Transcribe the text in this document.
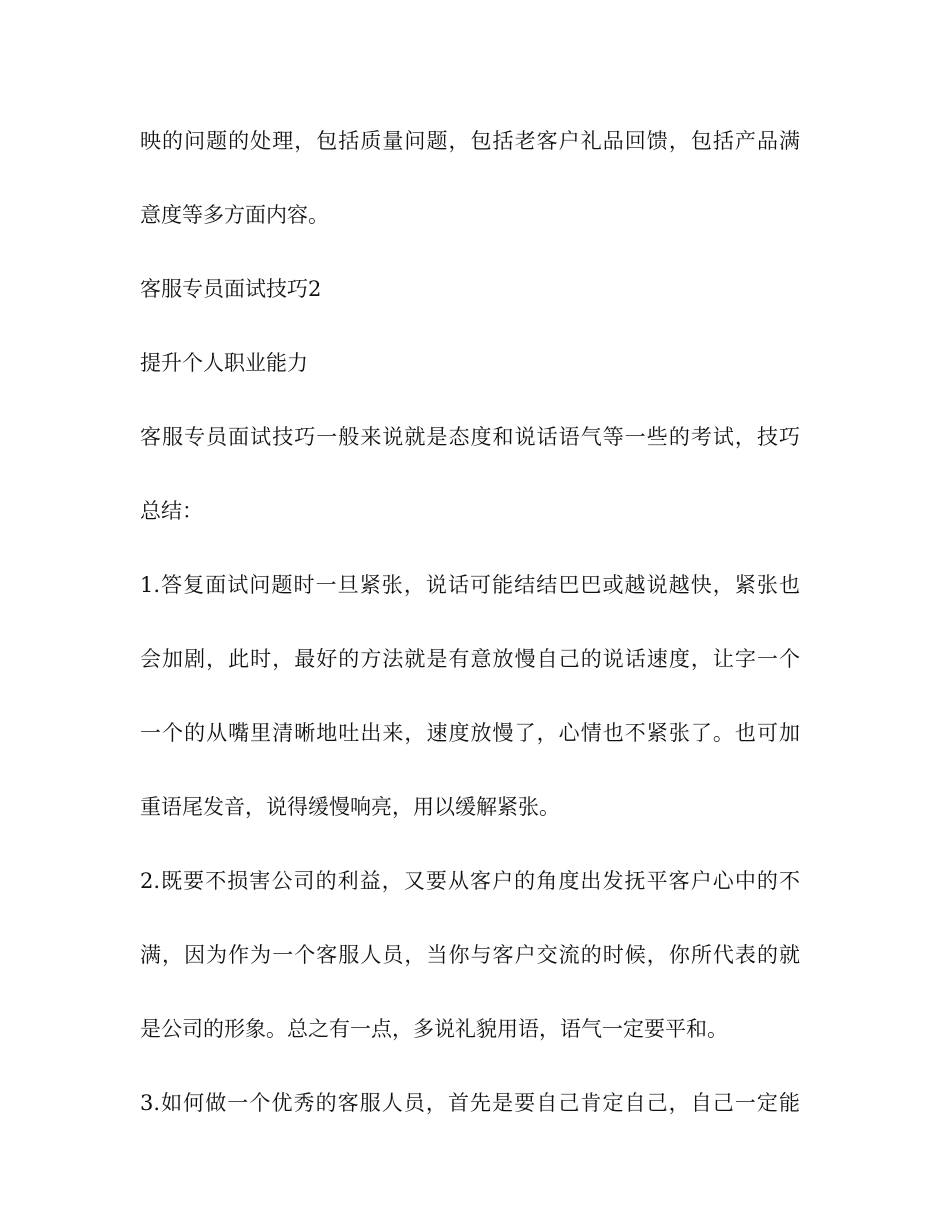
映的问题的处理，包括质量问题，包括老客户礼品回馈，包括产品满
意度等多方面内容。
客服专员面试技巧2
提升个人职业能力
客服专员面试技巧一般来说就是态度和说话语气等一些的考试，技巧
总结：
1.答复面试问题时一旦紧张，说话可能结结巴巴或越说越快，紧张也
会加剧，此时，最好的方法就是有意放慢自己的说话速度，让字一个
一个的从嘴里清晰地吐出来，速度放慢了，心情也不紧张了。也可加
重语尾发音，说得缓慢响亮，用以缓解紧张。
2.既要不损害公司的利益，又要从客户的角度出发抚平客户心中的不
满，因为作为一个客服人员，当你与客户交流的时候，你所代表的就
是公司的形象。总之有一点，多说礼貌用语，语气一定要平和。
3.如何做一个优秀的客服人员，首先是要自己肯定自己，自己一定能
